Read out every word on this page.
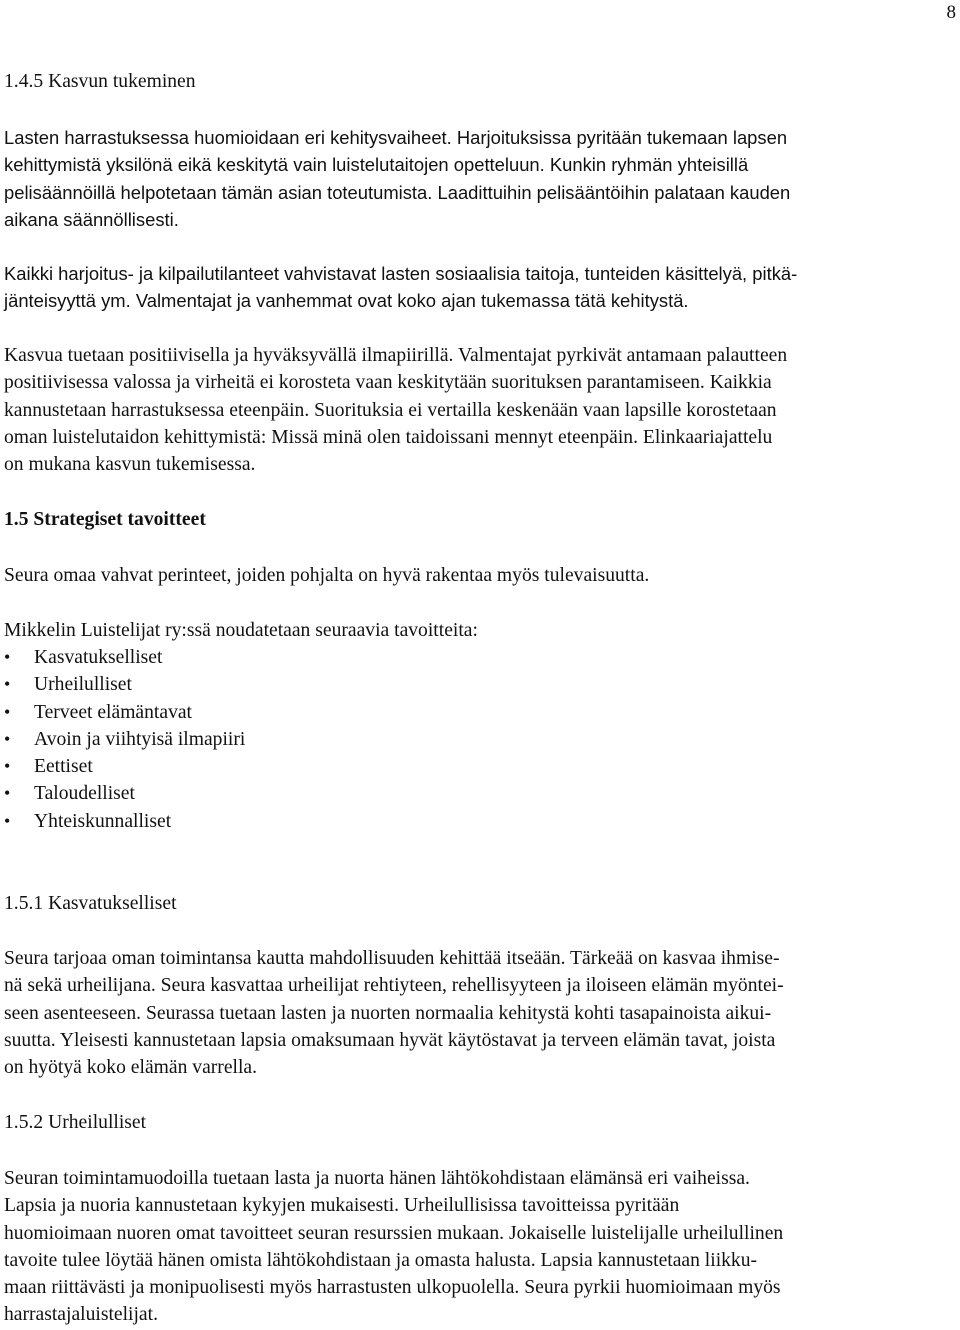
8
1.4.5 Kasvun tukeminen

Lasten harrastuksessa huomioidaan eri kehitysvaiheet. Harjoituksissa pyritään tukemaan lapsen
kehittymistä yksilönä eikä keskitytä vain luistelutaitojen opetteluun. Kunkin ryhmän yhteisillä
pelisäännöillä helpotetaan tämän asian toteutumista. Laadittuihin pelisääntöihin palataan kauden
aikana säännöllisesti.

Kaikki harjoitus- ja kilpailutilanteet vahvistavat lasten sosiaalisia taitoja, tunteiden käsittelyä, pitkä-
jänteisyyttä ym. Valmentajat ja vanhemmat ovat koko ajan tukemassa tätä kehitystä.

Kasvua tuetaan positiivisella ja hyväksyvällä ilmapiirillä. Valmentajat pyrkivät antamaan palautteen
positiivisessa valossa ja virheitä ei korosteta vaan keskitytään suorituksen parantamiseen. Kaikkia
kannustetaan harrastuksessa eteenpäin. Suorituksia ei vertailla keskenään vaan lapsille korostetaan
oman luistelutaidon kehittymistä: Missä minä olen taidoissani mennyt eteenpäin. Elinkaariajattelu
on mukana kasvun tukemisessa.

1.5 Strategiset tavoitteet

Seura omaa vahvat perinteet, joiden pohjalta on hyvä rakentaa myös tulevaisuutta.

Mikkelin Luistelijat ry:ssä noudatetaan seuraavia tavoitteita:

• Kasvatukselliset
• Urheilulliset
• Terveet elämäntavat
• Avoin ja viihtyisä ilmapiiri
• Eettiset
• Taloudelliset
• Yhteiskunnalliset
1.5.1 Kasvatukselliset

Seura tarjoaa oman toimintansa kautta mahdollisuuden kehittää itseään. Tärkeää on kasvaa ihmise-
nä sekä urheilijana. Seura kasvattaa urheilijat rehtiyteen, rehellisyyteen ja iloiseen elämän myöntei-
seen asenteeseen. Seurassa tuetaan lasten ja nuorten normaalia kehitystä kohti tasapainoista aikui-
suutta. Yleisesti kannustetaan lapsia omaksumaan hyvät käytöstavat ja terveen elämän tavat, joista
on hyötyä koko elämän varrella.

1.5.2 Urheilulliset

Seuran toimintamuodoilla tuetaan lasta ja nuorta hänen lähtökohdistaan elämänsä eri vaiheissa.
Lapsia ja nuoria kannustetaan kykyjen mukaisesti. Urheilullisissa tavoitteissa pyritään
huomioimaan nuoren omat tavoitteet seuran resurssien mukaan. Jokaiselle luistelijalle urheilullinen
tavoite tulee löytää hänen omista lähtökohdistaan ja omasta halusta. Lapsia kannustetaan liikku-
maan riittävästi ja monipuolisesti myös harrastusten ulkopuolella. Seura pyrkii huomioimaan myös
harrastajaluistelijat.
